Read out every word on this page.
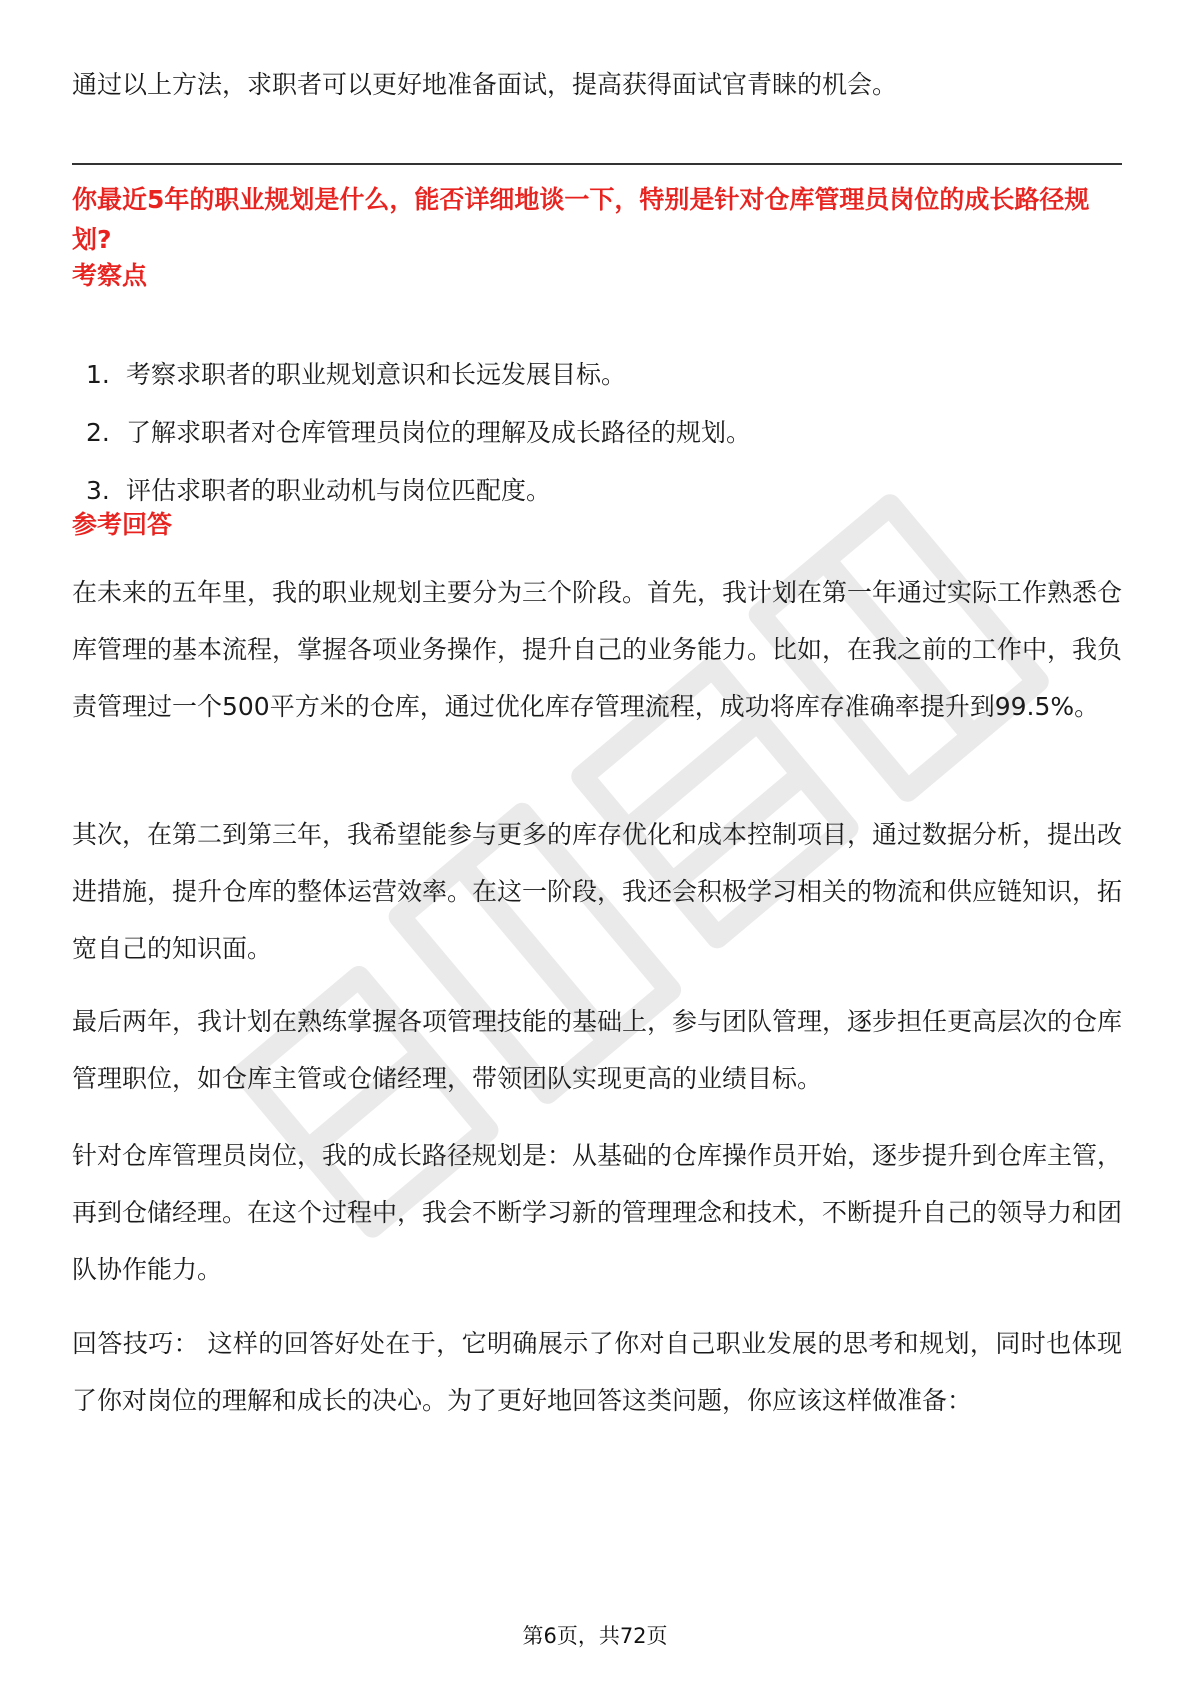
通过以上方法，求职者可以更好地准备面试，提高获得面试官青睐的机会。

你最近5年的职业规划是什么，能否详细地谈一下，特别是针对仓库管理员岗位的成长路径规划?
考察点
1. 考察求职者的职业规划意识和长远发展目标。
2. 了解求职者对仓库管理员岗位的理解及成长路径的规划。
3. 评估求职者的职业动机与岗位匹配度。
参考回答

在未来的五年里，我的职业规划主要分为三个阶段。首先，我计划在第一年通过实际工作熟悉仓库管理的基本流程，掌握各项业务操作，提升自己的业务能力。比如，在我之前的工作中，我负责管理过一个500平方米的仓库，通过优化库存管理流程，成功将库存准确率提升到99.5%。

其次，在第二到第三年，我希望能参与更多的库存优化和成本控制项目，通过数据分析，提出改进措施，提升仓库的整体运营效率。在这一阶段，我还会积极学习相关的物流和供应链知识，拓宽自己的知识面。

最后两年，我计划在熟练掌握各项管理技能的基础上，参与团队管理，逐步担任更高层次的仓库管理职位，如仓库主管或仓储经理，带领团队实现更高的业绩目标。

针对仓库管理员岗位，我的成长路径规划是：从基础的仓库操作员开始，逐步提升到仓库主管，再到仓储经理。在这个过程中，我会不断学习新的管理理念和技术，不断提升自己的领导力和团队协作能力。

回答技巧： 这样的回答好处在于，它明确展示了你对自己职业发展的思考和规划，同时也体现了你对岗位的理解和成长的决心。为了更好地回答这类问题，你应该这样做准备：

第6页，共72页
